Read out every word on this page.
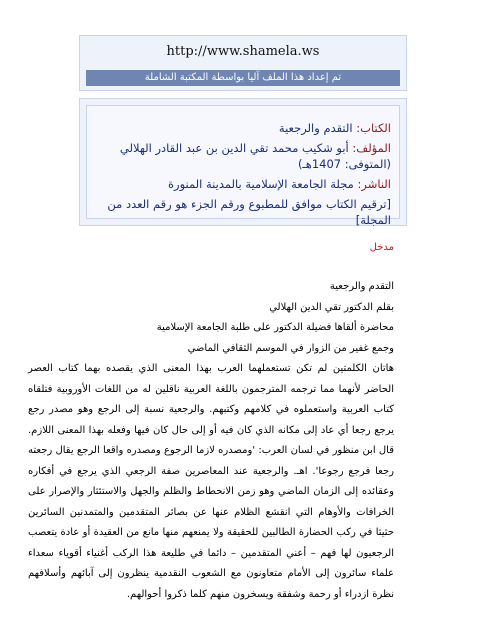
http://www.shamela.ws
تم إعداد هذا الملف آليا بواسطة المكتبة الشاملة

الكتاب: التقدم والرجعية

المؤلف: أبو شكيب محمد تقي الدين بن عبد القادر الهلالي (المتوفى: 1407هـ)

الناشر: مجلة الجامعة الإسلامية بالمدينة المنورة

[ترقيم الكتاب موافق للمطبوع ورقم الجزء هو رقم العدد من المجلة]

مدخل

التقدم والرجعية

بقلم الدكتور تقي الدين الهلالي

محاضرة ألقاها فضيلة الدكتور على طلبة الجامعة الإسلامية

وجمع غفير من الزوار في الموسم الثقافي الماضي

هاتان الكلمتين لم تكن تستعملهما العرب بهذا المعنى الذي يقصده بهما كتاب العصر الحاضر لأنهما مما ترجمه المترجمون باللغة العربية ناقلين له من اللغات الأوروبية فتلقاه كتاب العربية واستعملوه في كلامهم وكتبهم. والرجعية نسبة إلى الرجع وهو مصدر رجع يرجع رجعا أي عاد إلى مكانه الذي كان فيه أو إلى حال كان فيها وفعله بهذا المعنى اللازم. قال ابن منظور في لسان العرب: 'ومصدره لازما الرجوع ومصدره واقعا الرجع يقال رجعته رجعا فرجع رجوعا'. اهـ. والرجعية عند المعاصرين صفة الرجعي الذي يرجع في أفكاره وعقائده إلى الزمان الماضي وهو زمن الانحطاط والظلم والجهل والاستئثار والإصرار على الخرافات والأوهام التي انقشع الظلام عنها عن بصائر المتقدمين والمتمدنين السائرين حثيثا في ركب الحضارة الطالبين للحقيقة ولا يمنعهم منها مانع من العقيدة أو عادة يتعصب الرجعيون لها فهم – أعني المتقدمين – دائما في طليعة هذا الركب أغنياء أقوياء سعداء علماء سائرون إلى الأمام متعاونون مع الشعوب النقدمية ينظرون إلى آبائهم وأسلافهم نظرة ازدراء أو رحمة وشفقة ويسخرون منهم كلما ذكروا أحوالهم.
